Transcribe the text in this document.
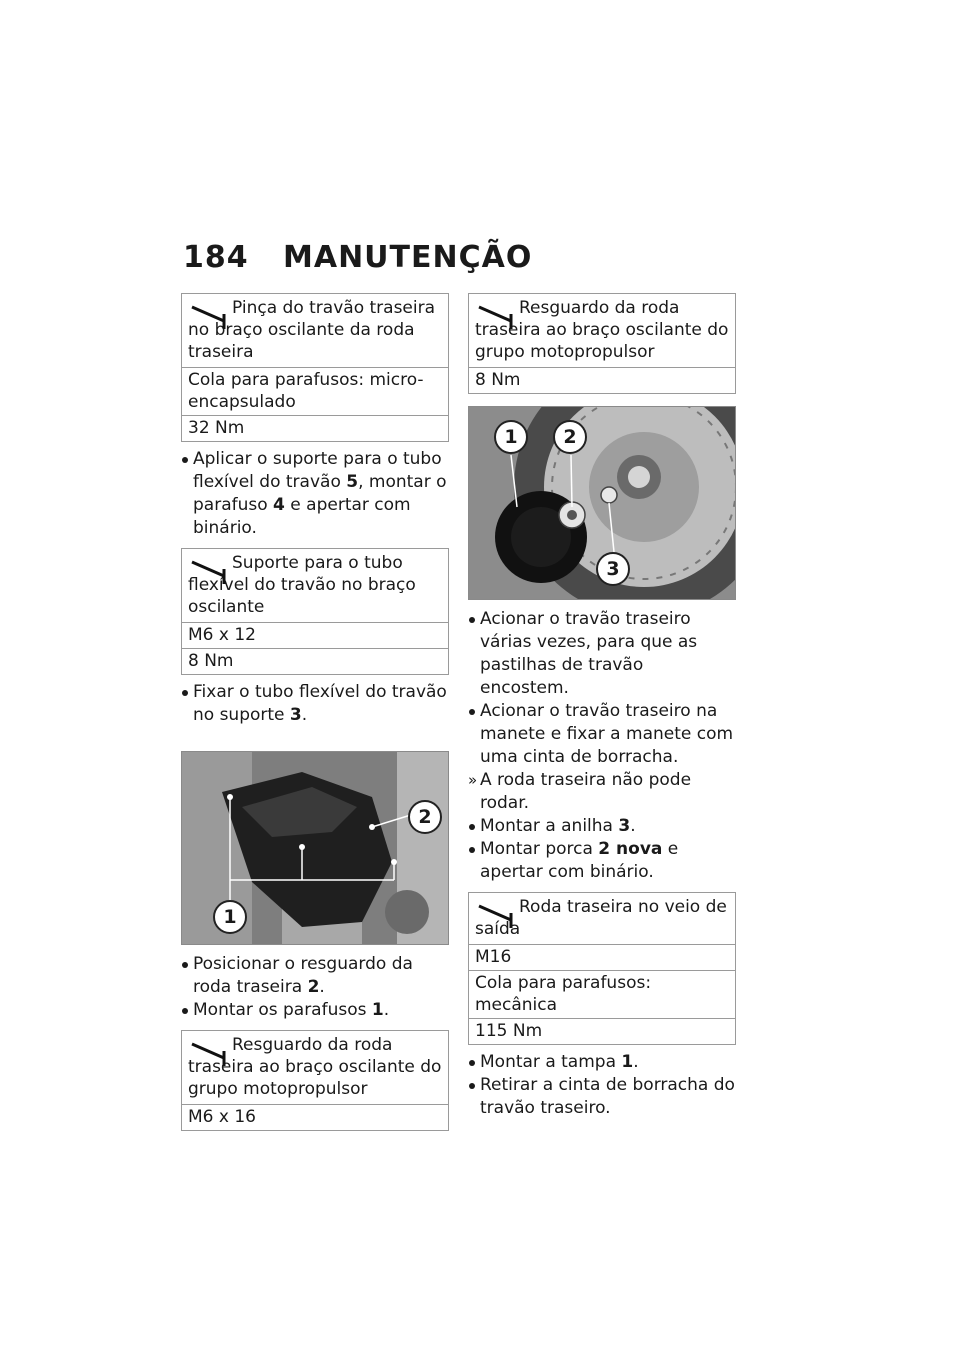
184 MANUTENÇÃO
Pinça do travão traseira no braço oscilante da roda traseira
Cola para parafusos: micro-encapsulado
32 Nm
Aplicar o suporte para o tubo flexível do travão 5, montar o parafuso 4 e apertar com binário.
Suporte para o tubo flexível do travão no braço oscilante
M6 x 12
8 Nm
Fixar o tubo flexível do travão no suporte 3.
1
2
Posicionar o resguardo da roda traseira 2.
Montar os parafusos 1.
Resguardo da roda traseira ao braço oscilante do grupo motopropulsor
M6 x 16
Resguardo da roda traseira ao braço oscilante do grupo motopropulsor
8 Nm
1	2
3
Acionar o travão traseiro várias vezes, para que as pastilhas de travão encostem.
Acionar o travão traseiro na manete e fixar a manete com uma cinta de borracha.
» A roda traseira não pode rodar.
Montar a anilha 3.
Montar porca 2 nova e apertar com binário.
Roda traseira no veio de saída
M16
Cola para parafusos: mecânica
115 Nm
Montar a tampa 1.
Retirar a cinta de borracha do travão traseiro.
